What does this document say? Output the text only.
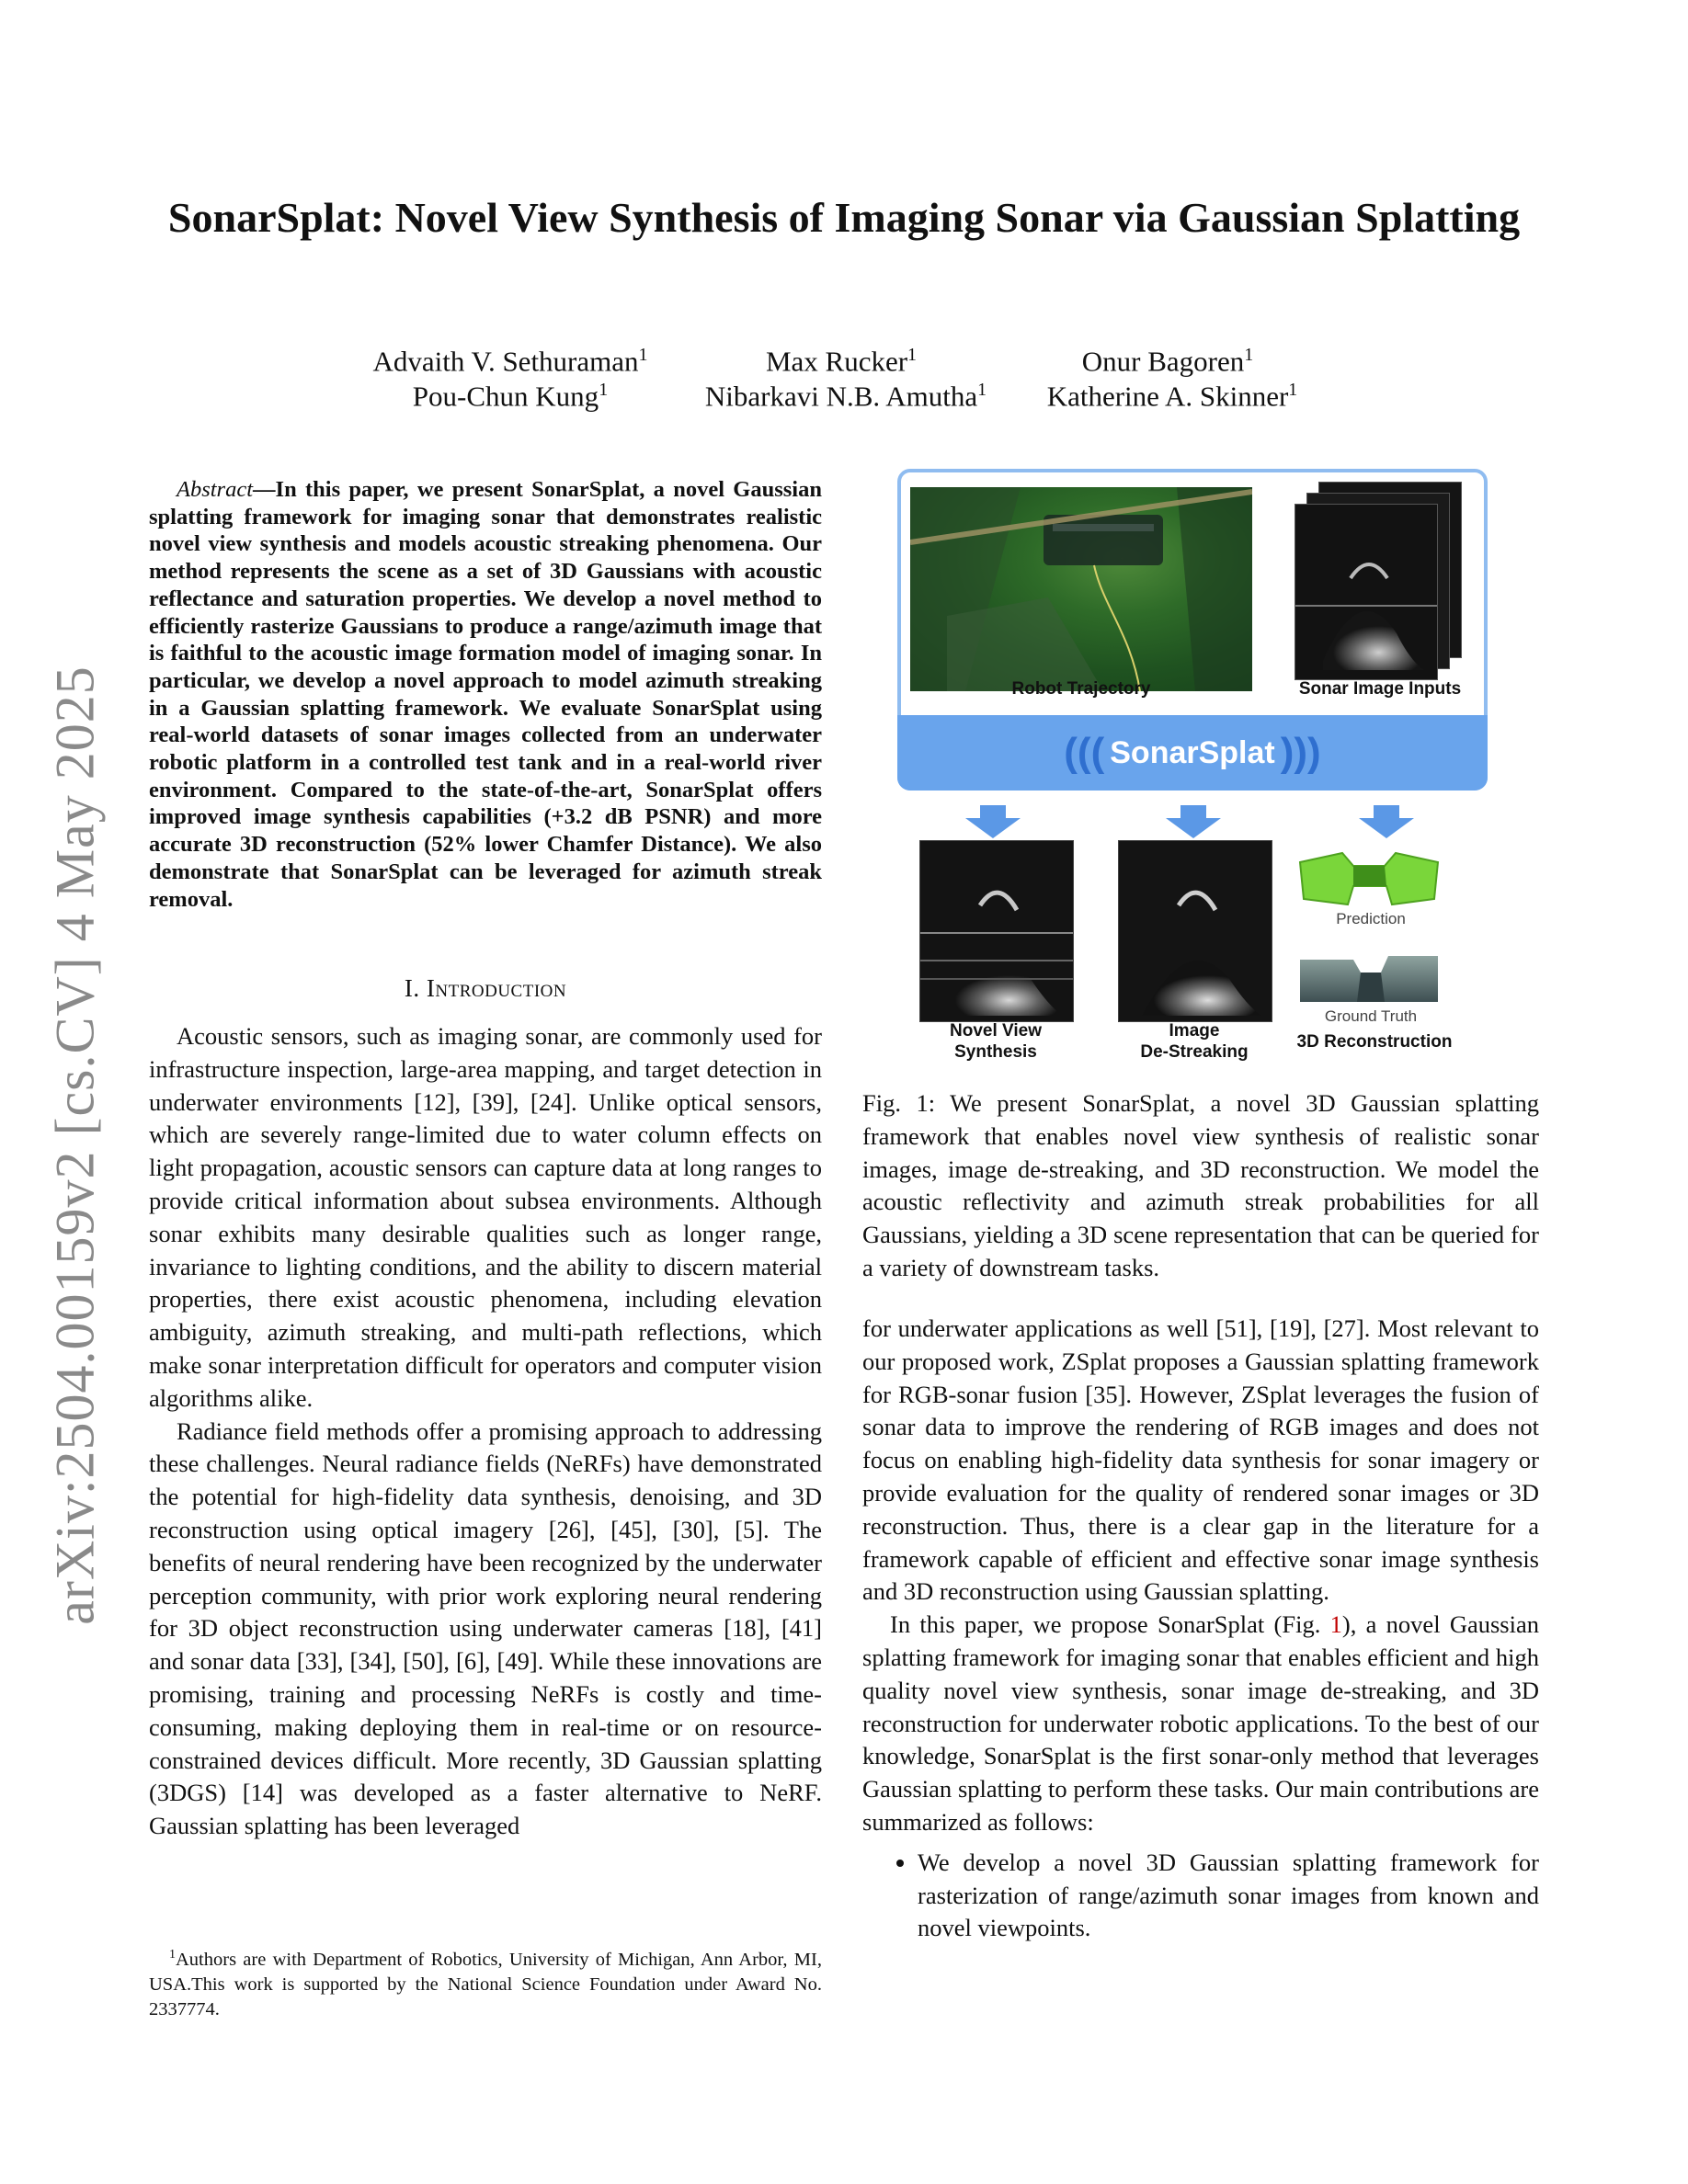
arXiv:2504.00159v2 [cs.CV] 4 May 2025
SonarSplat: Novel View Synthesis of Imaging Sonar via Gaussian Splatting
Advaith V. Sethuraman$^1$	Max Rucker$^1$	Onur Bagoren$^1$
Pou-Chun Kung$^1$	Nibarkavi N.B. Amutha$^1$	Katherine A. Skinner$^1$
Abstract—In this paper, we present SonarSplat, a novel Gaussian splatting framework for imaging sonar that demonstrates realistic novel view synthesis and models acoustic streaking phenomena. Our method represents the scene as a set of 3D Gaussians with acoustic reflectance and saturation properties. We develop a novel method to efficiently rasterize Gaussians to produce a range/azimuth image that is faithful to the acoustic image formation model of imaging sonar. In particular, we develop a novel approach to model azimuth streaking in a Gaussian splatting framework. We evaluate SonarSplat using real-world datasets of sonar images collected from an underwater robotic platform in a controlled test tank and in a real-world river environment. Compared to the state-of-the-art, SonarSplat offers improved image synthesis capabilities (+3.2 dB PSNR) and more accurate 3D reconstruction (52% lower Chamfer Distance). We also demonstrate that SonarSplat can be leveraged for azimuth streak removal.
I. Introduction

Acoustic sensors, such as imaging sonar, are commonly used for infrastructure inspection, large-area mapping, and target detection in underwater environments [12], [39], [24]. Unlike optical sensors, which are severely range-limited due to water column effects on light propagation, acoustic sensors can capture data at long ranges to provide critical information about subsea environments. Although sonar exhibits many desirable qualities such as longer range, invariance to lighting conditions, and the ability to discern material properties, there exist acoustic phenomena, including elevation ambiguity, azimuth streaking, and multi-path reflections, which make sonar interpretation difficult for operators and computer vision algorithms alike.

Radiance field methods offer a promising approach to addressing these challenges. Neural radiance fields (NeRFs) have demonstrated the potential for high-fidelity data synthesis, denoising, and 3D reconstruction using optical imagery [26], [45], [30], [5]. The benefits of neural rendering have been recognized by the underwater perception community, with prior work exploring neural rendering for 3D object reconstruction using underwater cameras [18], [41] and sonar data [33], [34], [50], [6], [49]. While these innovations are promising, training and processing NeRFs is costly and time-consuming, making deploying them in real-time or on resource-constrained devices difficult. More recently, 3D Gaussian splatting (3DGS) [14] was developed as a faster alternative to NeRF. Gaussian splatting has been leveraged

$^1$Authors are with Department of Robotics, University of Michigan, Ann Arbor, MI, USA.This work is supported by the National Science Foundation under Award No. 2337774.
Robot Trajectory	Sonar Image Inputs
((( SonarSplat )))
Prediction
Ground Truth
Novel View
Synthesis
Image
De-Streaking
3D Reconstruction
Fig. 1: We present SonarSplat, a novel 3D Gaussian splatting framework that enables novel view synthesis of realistic sonar images, image de-streaking, and 3D reconstruction. We model the acoustic reflectivity and azimuth streak probabilities for all Gaussians, yielding a 3D scene representation that can be queried for a variety of downstream tasks.

for underwater applications as well [51], [19], [27]. Most relevant to our proposed work, ZSplat proposes a Gaussian splatting framework for RGB-sonar fusion [35]. However, ZSplat leverages the fusion of sonar data to improve the rendering of RGB images and does not focus on enabling high-fidelity data synthesis for sonar imagery or provide evaluation for the quality of rendered sonar images or 3D reconstruction. Thus, there is a clear gap in the literature for a framework capable of efficient and effective sonar image synthesis and 3D reconstruction using Gaussian splatting.

In this paper, we propose SonarSplat (Fig. 1), a novel Gaussian splatting framework for imaging sonar that enables efficient and high quality novel view synthesis, sonar image de-streaking, and 3D reconstruction for underwater robotic applications. To the best of our knowledge, SonarSplat is the first sonar-only method that leverages Gaussian splatting to perform these tasks. Our main contributions are summarized as follows:

• We develop a novel 3D Gaussian splatting framework for rasterization of range/azimuth sonar images from known and novel viewpoints.
